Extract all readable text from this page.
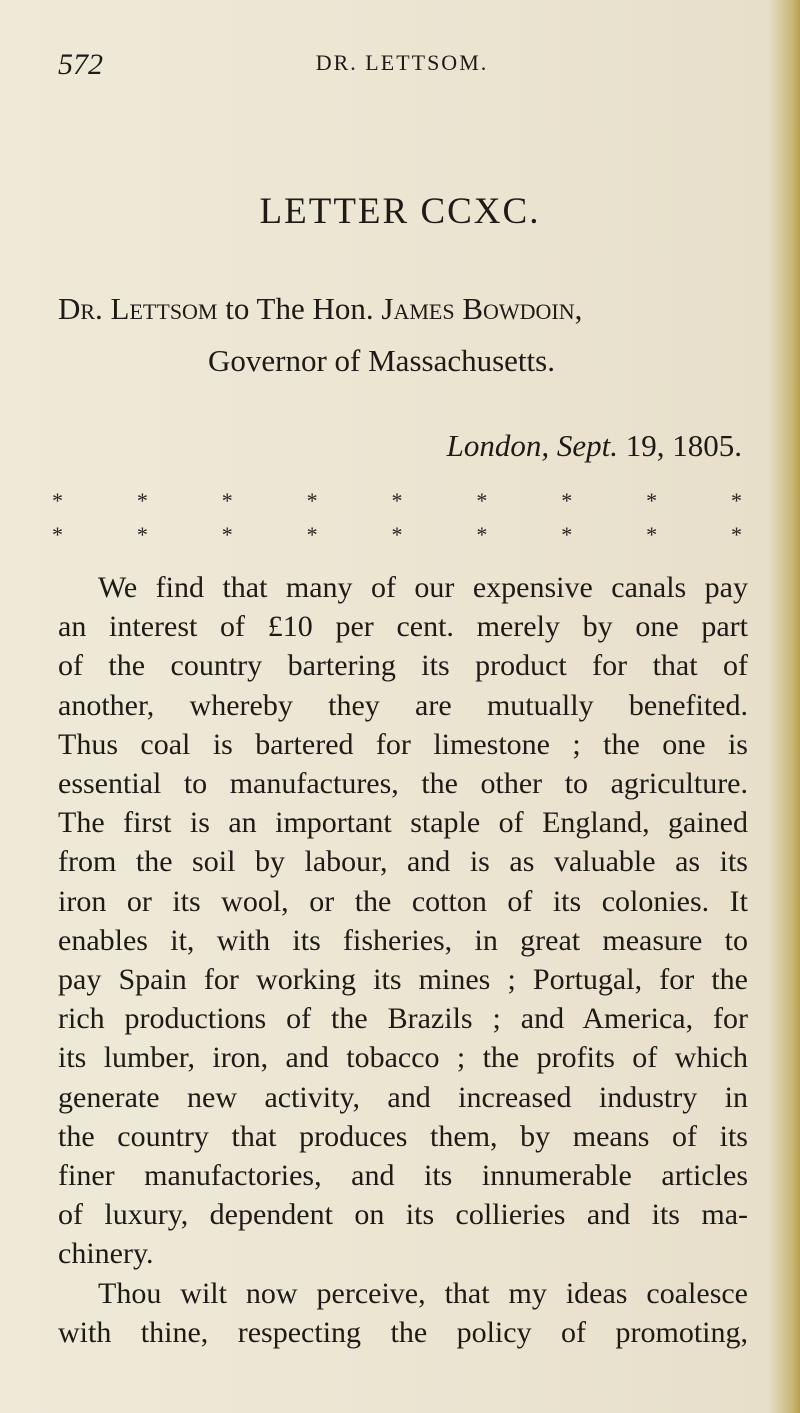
572	DR. LETTSOM.
LETTER CCXC.
Dr. Lettsom to The Hon. James Bowdoin,
Governor of Massachusetts.
London, Sept. 19, 1805.
*	*	*	*	*	*	*	*	*
*	*	*	*	*	*	*	*	*
We find that many of our expensive canals pay
an interest of £10 per cent. merely by one part
of the country bartering its product for that of
another, whereby they are mutually benefited.
Thus coal is bartered for limestone ; the one is
essential to manufactures, the other to agriculture.
The first is an important staple of England, gained
from the soil by labour, and is as valuable as its
iron or its wool, or the cotton of its colonies. It
enables it, with its fisheries, in great measure to
pay Spain for working its mines ; Portugal, for the
rich productions of the Brazils ; and America, for
its lumber, iron, and tobacco ; the profits of which
generate new activity, and increased industry in
the country that produces them, by means of its
finer manufactories, and its innumerable articles
of luxury, dependent on its collieries and its ma-
chinery.
Thou wilt now perceive, that my ideas coalesce
with thine, respecting the policy of promoting,
